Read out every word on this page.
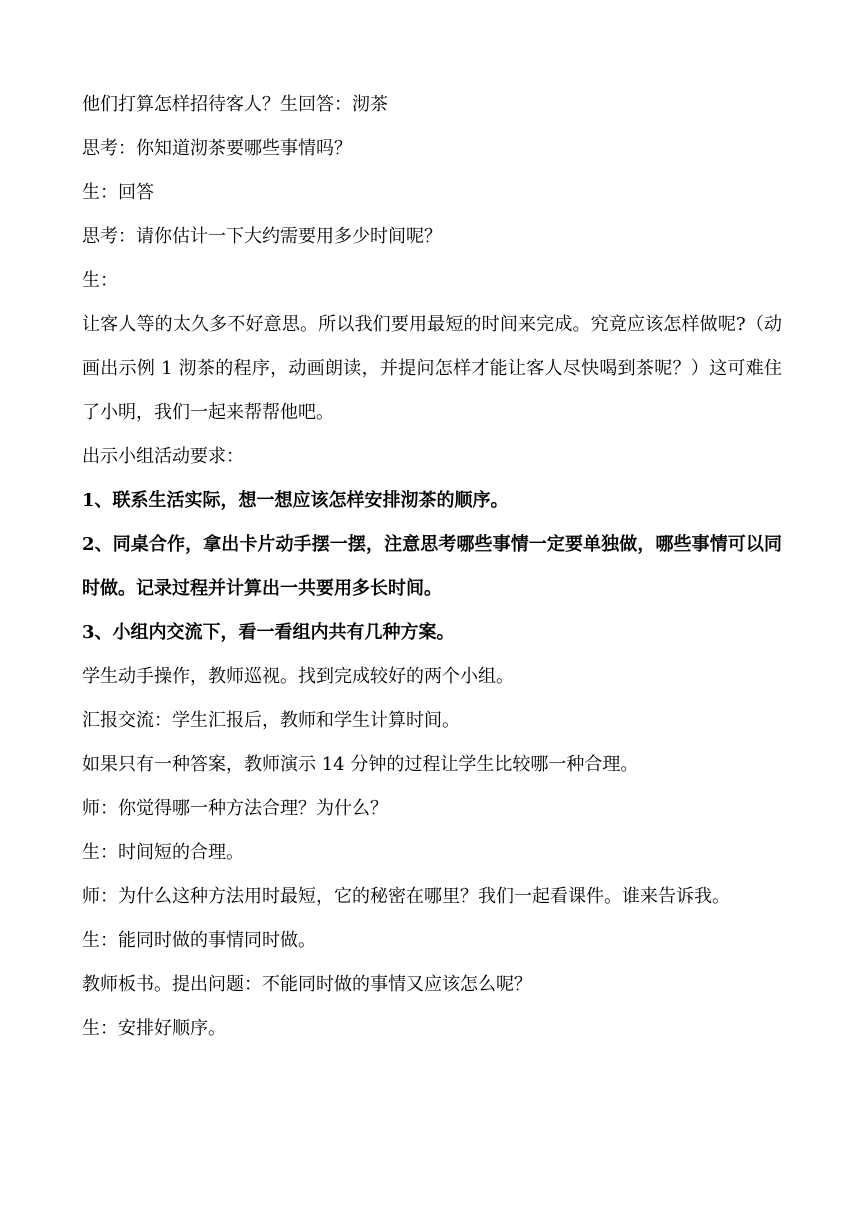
他们打算怎样招待客人？生回答：沏茶
思考：你知道沏茶要哪些事情吗？
生：回答
思考：请你估计一下大约需要用多少时间呢？
生：
让客人等的太久多不好意思。所以我们要用最短的时间来完成。究竟应该怎样做呢?（动画出示例 1 沏茶的程序，动画朗读，并提问怎样才能让客人尽快喝到茶呢？）这可难住了小明，我们一起来帮帮他吧。
出示小组活动要求：
1、联系生活实际，想一想应该怎样安排沏茶的顺序。
2、同桌合作，拿出卡片动手摆一摆，注意思考哪些事情一定要单独做，哪些事情可以同时做。记录过程并计算出一共要用多长时间。
3、小组内交流下，看一看组内共有几种方案。
学生动手操作，教师巡视。找到完成较好的两个小组。
汇报交流：学生汇报后，教师和学生计算时间。
如果只有一种答案，教师演示 14 分钟的过程让学生比较哪一种合理。
师：你觉得哪一种方法合理？为什么？
生：时间短的合理。
师：为什么这种方法用时最短，它的秘密在哪里？我们一起看课件。谁来告诉我。
生：能同时做的事情同时做。
教师板书。提出问题：不能同时做的事情又应该怎么呢？
生：安排好顺序。
